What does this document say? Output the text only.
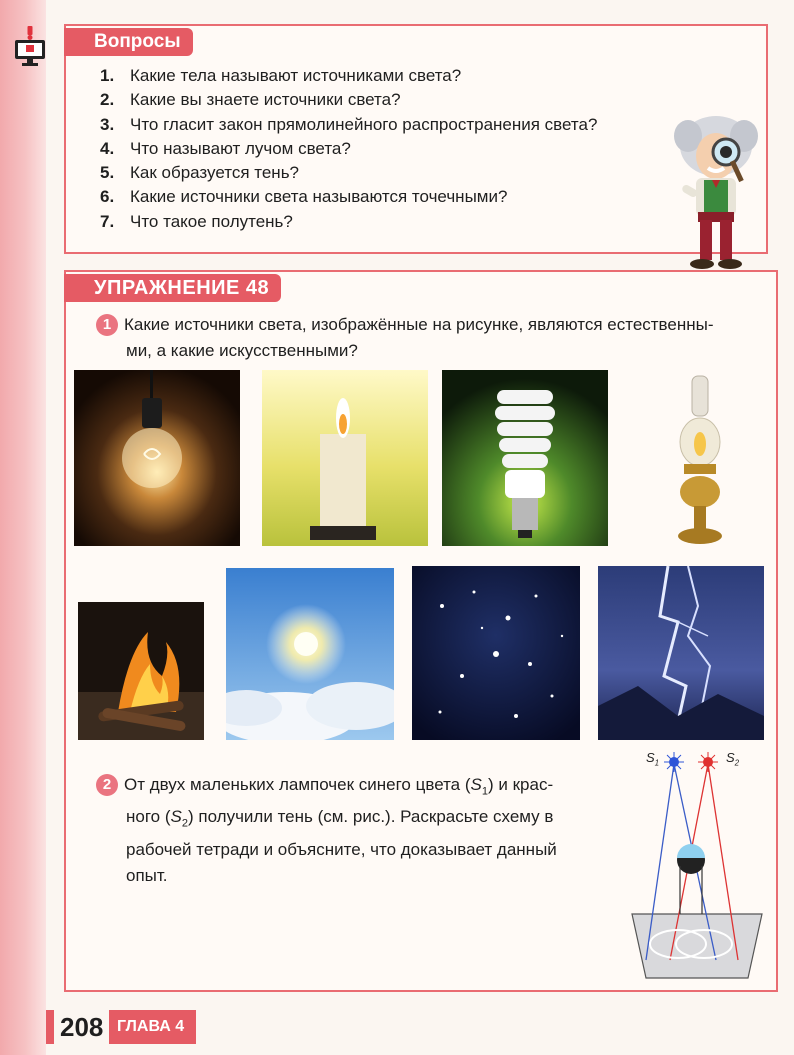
Вопросы
1. Какие тела называют источниками света?
2. Какие вы знаете источники света?
3. Что гласит закон прямолинейного распространения света?
4. Что называют лучом света?
5. Как образуется тень?
6. Какие источники света называются точечными?
7. Что такое полутень?
УПРАЖНЕНИЕ 48
1 Какие источники света, изображённые на рисунке, являются естественны-
ми, а какие искусственными?
2 От двух маленьких лампочек синего цвета $(S_1)$ и крас-
ного $(S_2)$ получили тень (см. рис.). Раскрасьте схему в
рабочей тетради и объясните, что доказывает данный
опыт.
$S_1$	$S_2$
208 ГЛАВА 4
